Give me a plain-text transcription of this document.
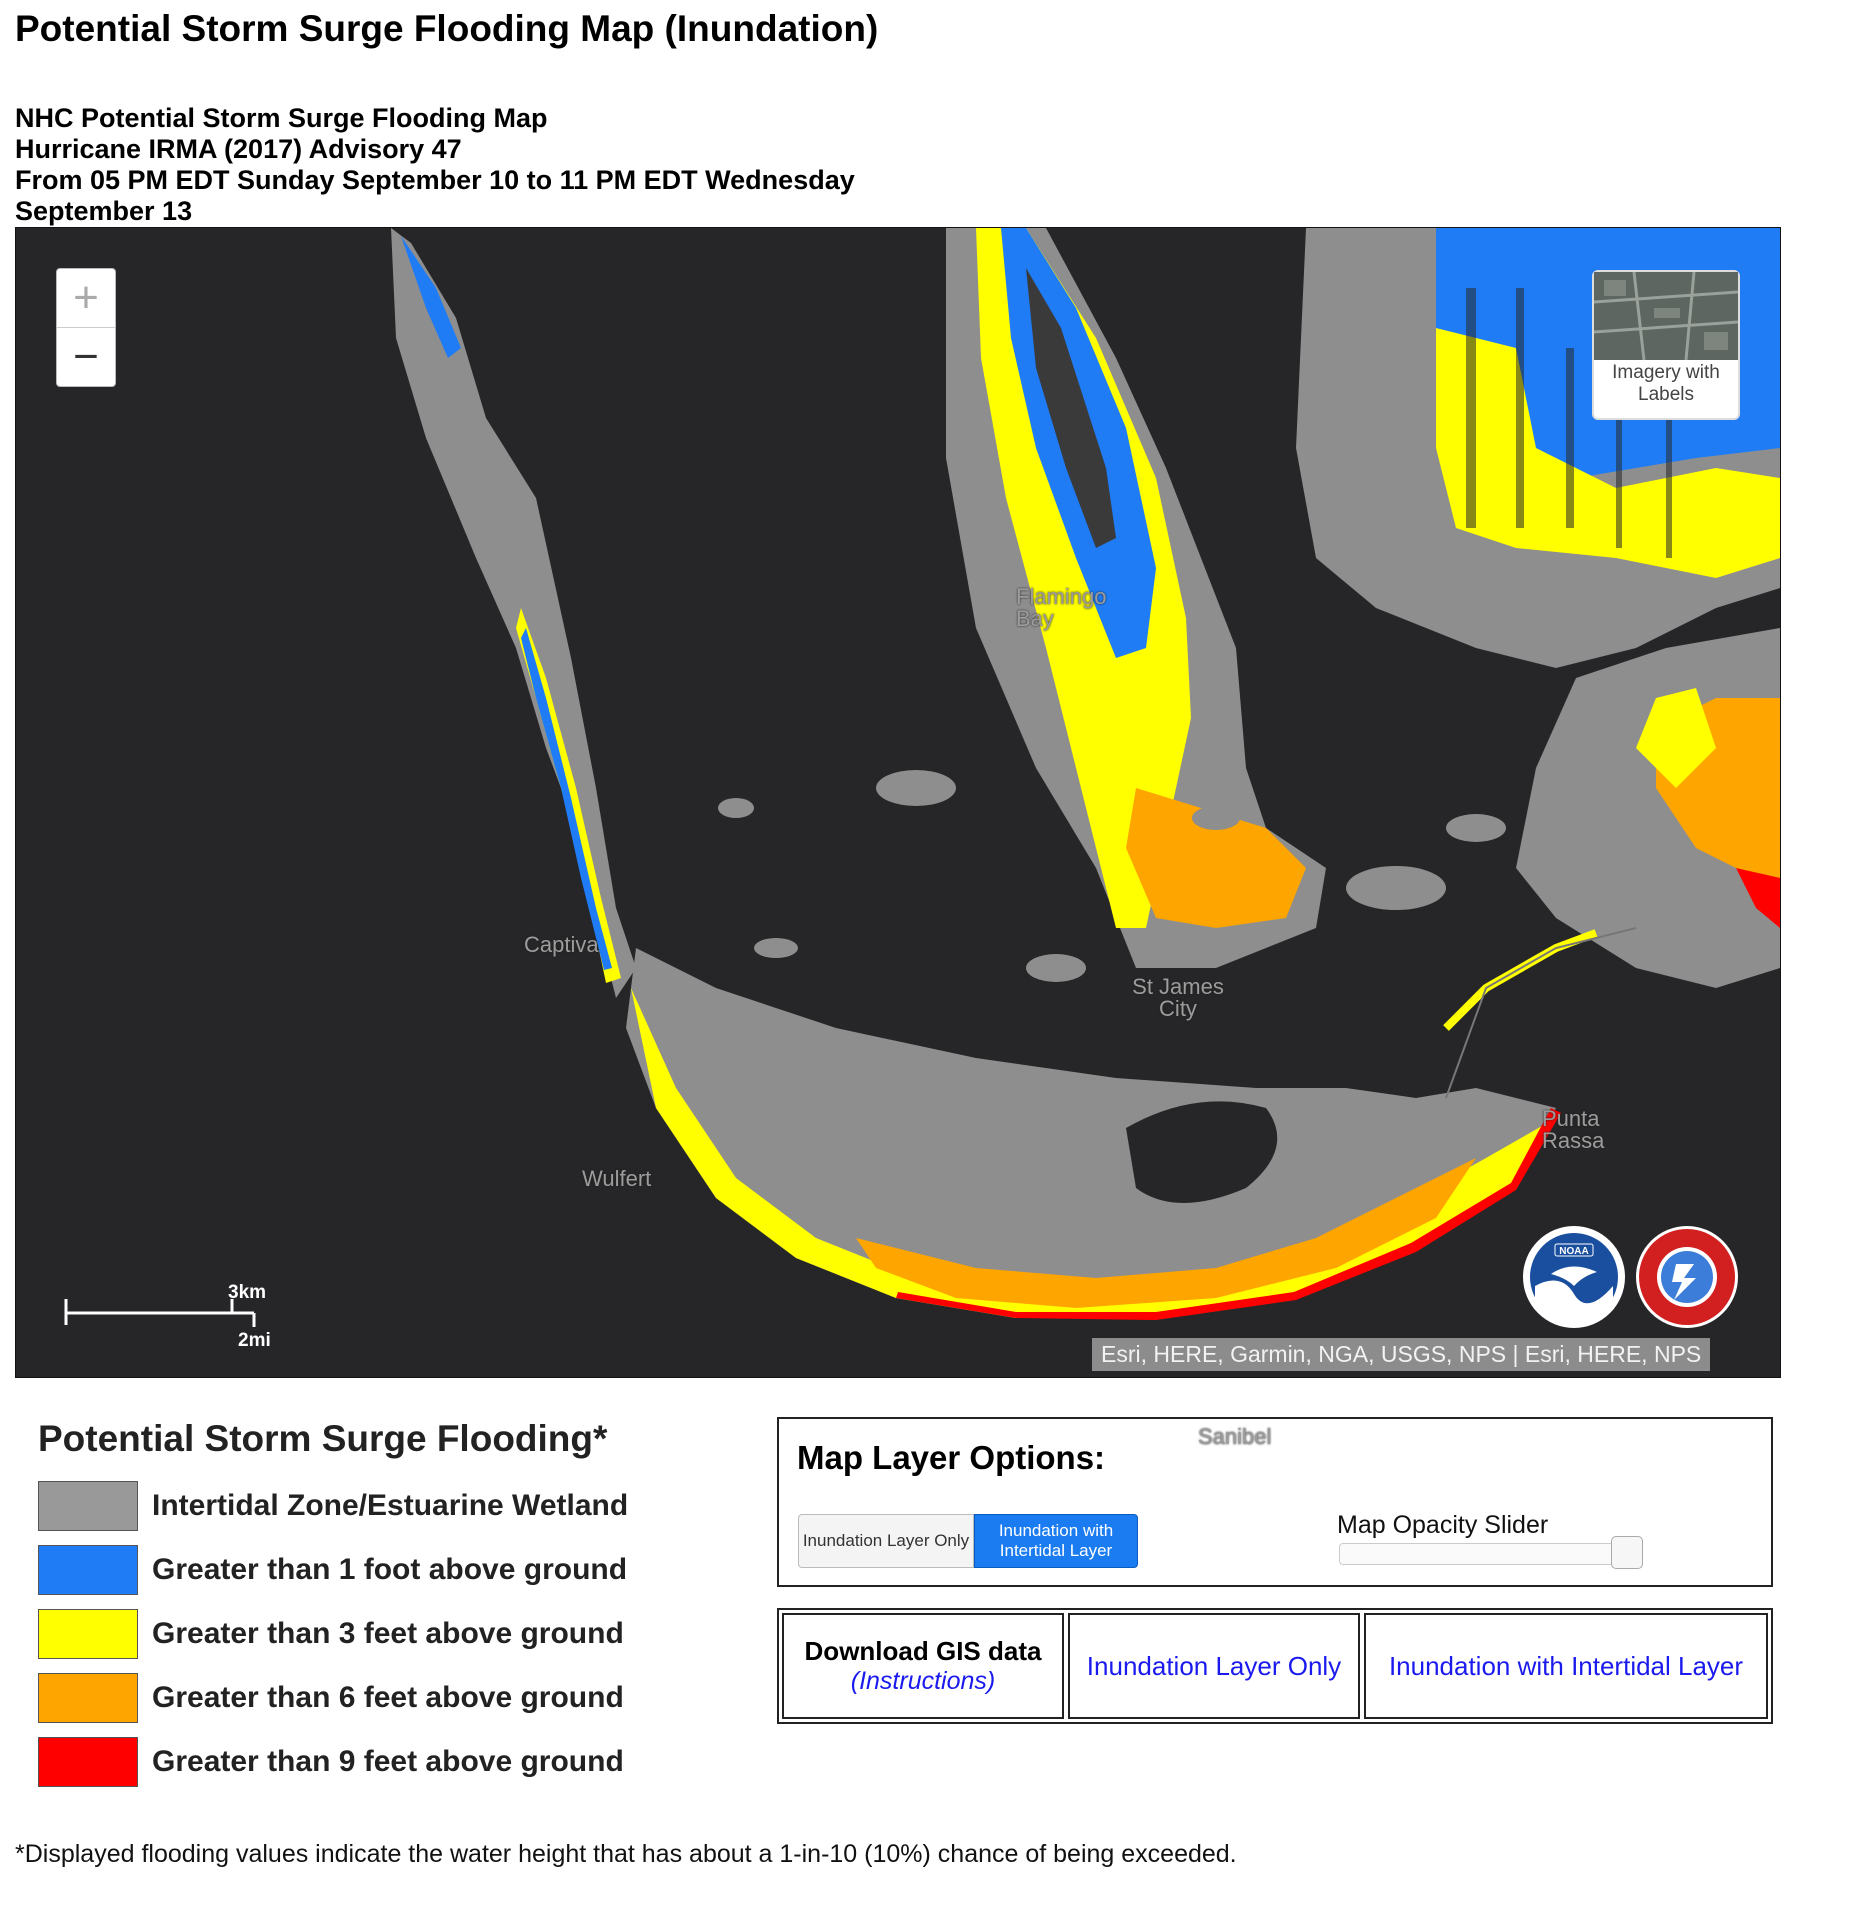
Potential Storm Surge Flooding Map (Inundation)
NHC Potential Storm Surge Flooding Map
Hurricane IRMA (2017) Advisory 47
From 05 PM EDT Sunday September 10 to 11 PM EDT Wednesday
September 13
+
−	Imagery with Labels
Flamingo Bay
Captiva
St James City
Wulfert
Punta Rassa
Sanibel
3km
2mi
NOAA
Esri, HERE, Garmin, NGA, USGS, NPS | Esri, HERE, NPS
Potential Storm Surge Flooding*
Intertidal Zone/Estuarine Wetland
Greater than 1 foot above ground
Greater than 3 feet above ground
Greater than 6 feet above ground
Greater than 9 feet above ground
Map Layer Options:
Inundation Layer Only
Inundation with Intertidal Layer
Map Opacity Slider
Download GIS data
(Instructions)
Inundation Layer Only Inundation with Intertidal Layer
*Displayed flooding values indicate the water height that has about a 1-in-10 (10%) chance of being exceeded.
